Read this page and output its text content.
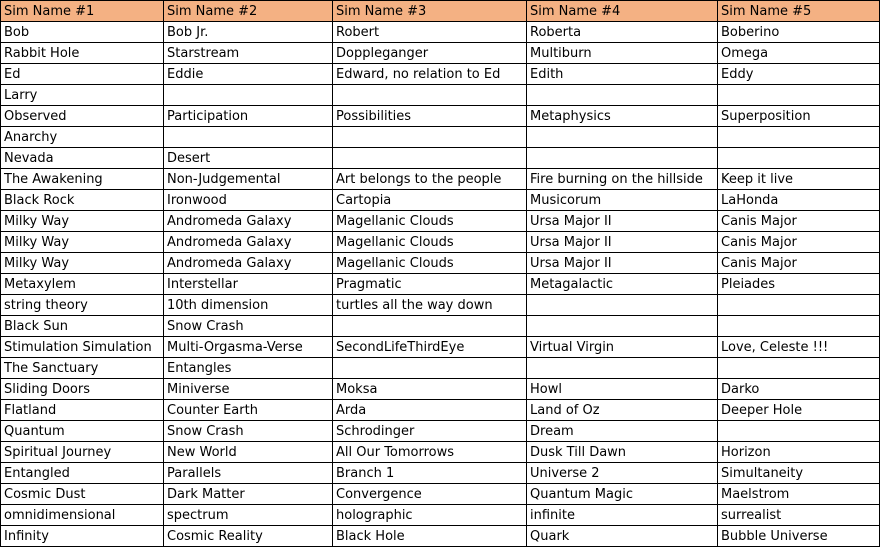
Sim Name #1	Sim Name #2	Sim Name #3	Sim Name #4	Sim Name #5
Bob	Bob Jr.	Robert	Roberta	Boberino
Rabbit Hole	Starstream	Doppleganger	Multiburn	Omega
Ed	Eddie	Edward, no relation to Ed	Edith	Eddy
Larry				
Observed	Participation	Possibilities	Metaphysics	Superposition
Anarchy				
Nevada	Desert			
The Awakening	Non-Judgemental	Art belongs to the people	Fire burning on the hillside	Keep it live
Black Rock	Ironwood	Cartopia	Musicorum	LaHonda
Milky Way	Andromeda Galaxy	Magellanic Clouds	Ursa Major II	Canis Major
Milky Way	Andromeda Galaxy	Magellanic Clouds	Ursa Major II	Canis Major
Milky Way	Andromeda Galaxy	Magellanic Clouds	Ursa Major II	Canis Major
Metaxylem	Interstellar	Pragmatic	Metagalactic	Pleiades
string theory	10th dimension	turtles all the way down		
Black Sun	Snow Crash			
Stimulation Simulation	Multi-Orgasma-Verse	SecondLifeThirdEye	Virtual Virgin	Love, Celeste !!!
The Sanctuary	Entangles			
Sliding Doors	Miniverse	Moksa	Howl	Darko
Flatland	Counter Earth	Arda	Land of Oz	Deeper Hole
Quantum	Snow Crash	Schrodinger	Dream	
Spiritual Journey	New World	All Our Tomorrows	Dusk Till Dawn	Horizon
Entangled	Parallels	Branch 1	Universe 2	Simultaneity
Cosmic Dust	Dark Matter	Convergence	Quantum Magic	Maelstrom
omnidimensional	spectrum	holographic	infinite	surrealist
Infinity	Cosmic Reality	Black Hole	Quark	Bubble Universe
